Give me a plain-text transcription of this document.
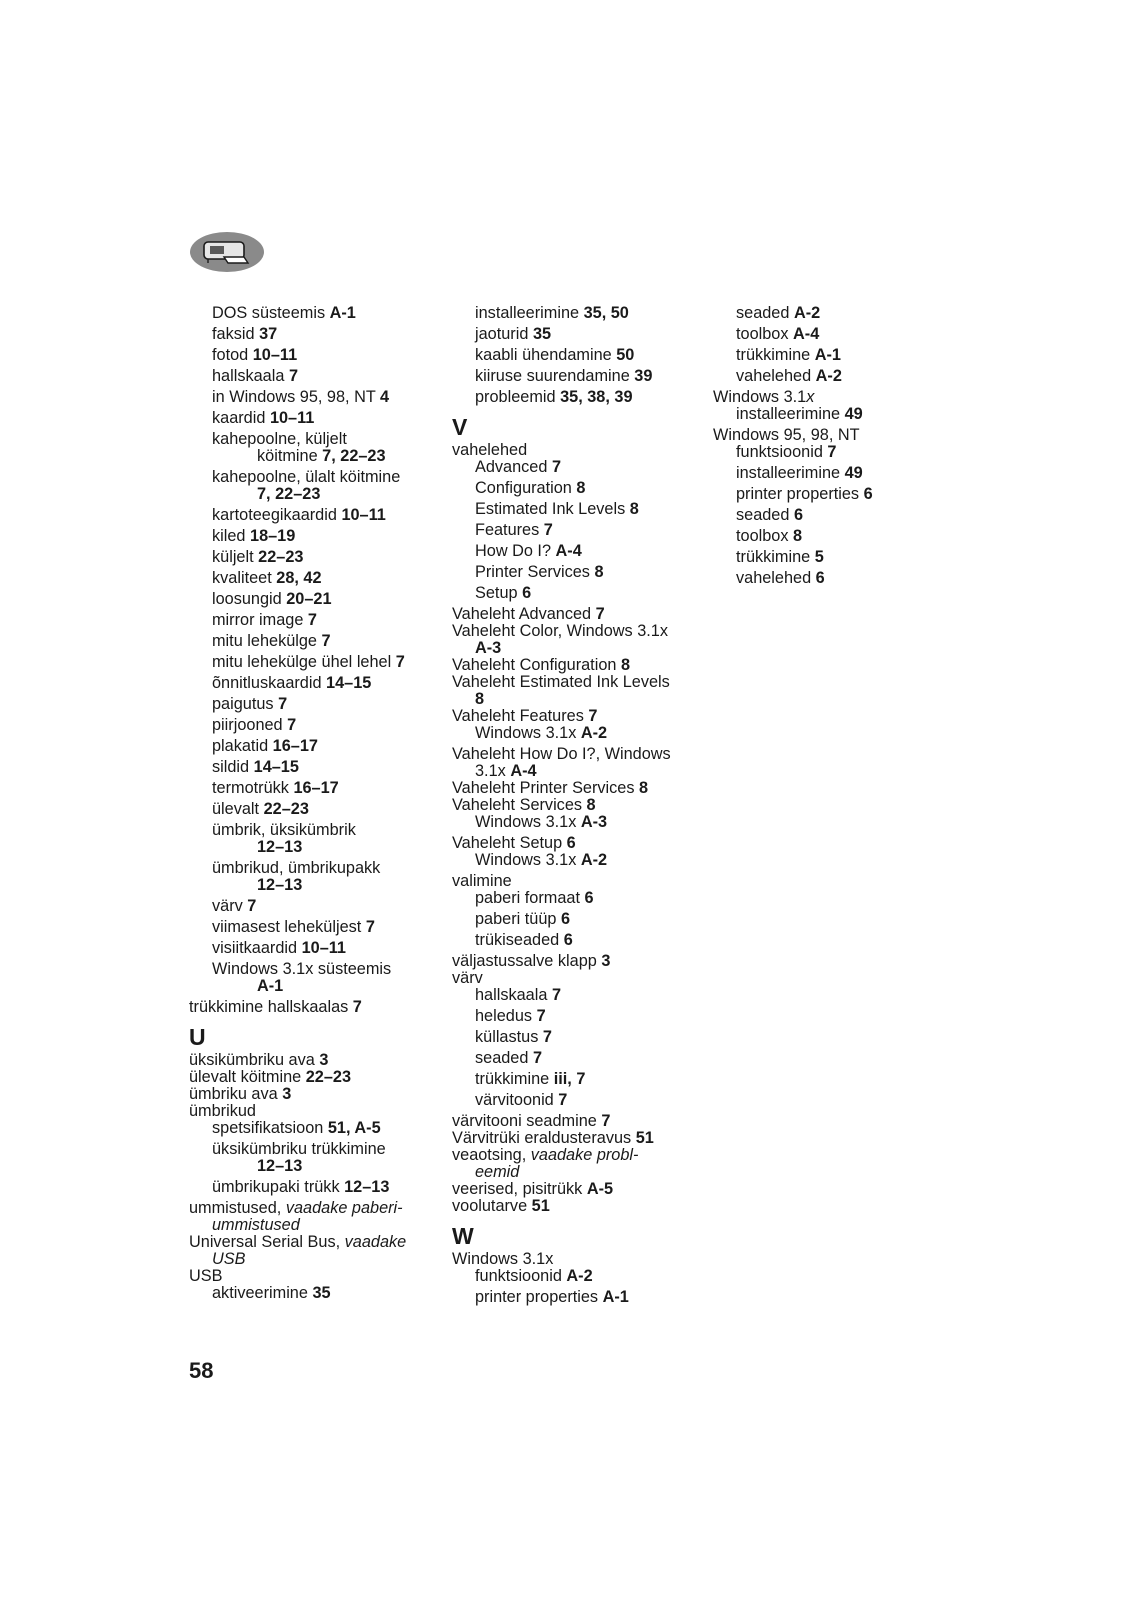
DOS süsteemis A-1
faksid 37
fotod 10–11
hallskaala 7
in Windows 95, 98, NT 4
kaardid 10–11
kahepoolne, küljelt
köitmine 7, 22–23
kahepoolne, ülalt köitmine
7, 22–23
kartoteegikaardid 10–11
kiled 18–19
küljelt 22–23
kvaliteet 28, 42
loosungid 20–21
mirror image 7
mitu lehekülge 7
mitu lehekülge ühel lehel 7
õnnitluskaardid 14–15
paigutus 7
piirjooned 7
plakatid 16–17
sildid 14–15
termotrükk 16–17
ülevalt 22–23
ümbrik, üksikümbrik
12–13
ümbrikud, ümbrikupakk
12–13
värv 7
viimasest leheküljest 7
visiitkaardid 10–11
Windows 3.1x süsteemis
A-1
trükkimine hallskaalas 7
U
üksikümbriku ava 3
ülevalt köitmine 22–23
ümbriku ava 3
ümbrikud
spetsifikatsioon 51, A-5
üksikümbriku trükkimine
12–13
ümbrikupaki trükk 12–13
ummistused, vaadake paberi-
ummistused
Universal Serial Bus, vaadake
USB
USB
aktiveerimine 35
installeerimine 35, 50
jaoturid 35
kaabli ühendamine 50
kiiruse suurendamine 39
probleemid 35, 38, 39
V
vahelehed
Advanced 7
Configuration 8
Estimated Ink Levels 8
Features 7
How Do I? A-4
Printer Services 8
Setup 6
Vaheleht Advanced 7
Vaheleht Color, Windows 3.1x
A-3
Vaheleht Configuration 8
Vaheleht Estimated Ink Levels
8
Vaheleht Features 7
Windows 3.1x A-2
Vaheleht How Do I?, Windows
3.1x A-4
Vaheleht Printer Services 8
Vaheleht Services 8
Windows 3.1x A-3
Vaheleht Setup 6
Windows 3.1x A-2
valimine
paberi formaat 6
paberi tüüp 6
trükiseaded 6
väljastussalve klapp 3
värv
hallskaala 7
heledus 7
küllastus 7
seaded 7
trükkimine iii, 7
värvitoonid 7
värvitooni seadmine 7
Värvitrüki eraldusteravus 51
veaotsing, vaadake probl-
eemid
veerised, pisitrükk A-5
voolutarve 51
W
Windows 3.1x
funktsioonid A-2
printer properties A-1
seaded A-2
toolbox A-4
trükkimine A-1
vahelehed A-2
Windows 3.1x
installeerimine 49
Windows 95, 98, NT
funktsioonid 7
installeerimine 49
printer properties 6
seaded 6
toolbox 8
trükkimine 5
vahelehed 6
58
